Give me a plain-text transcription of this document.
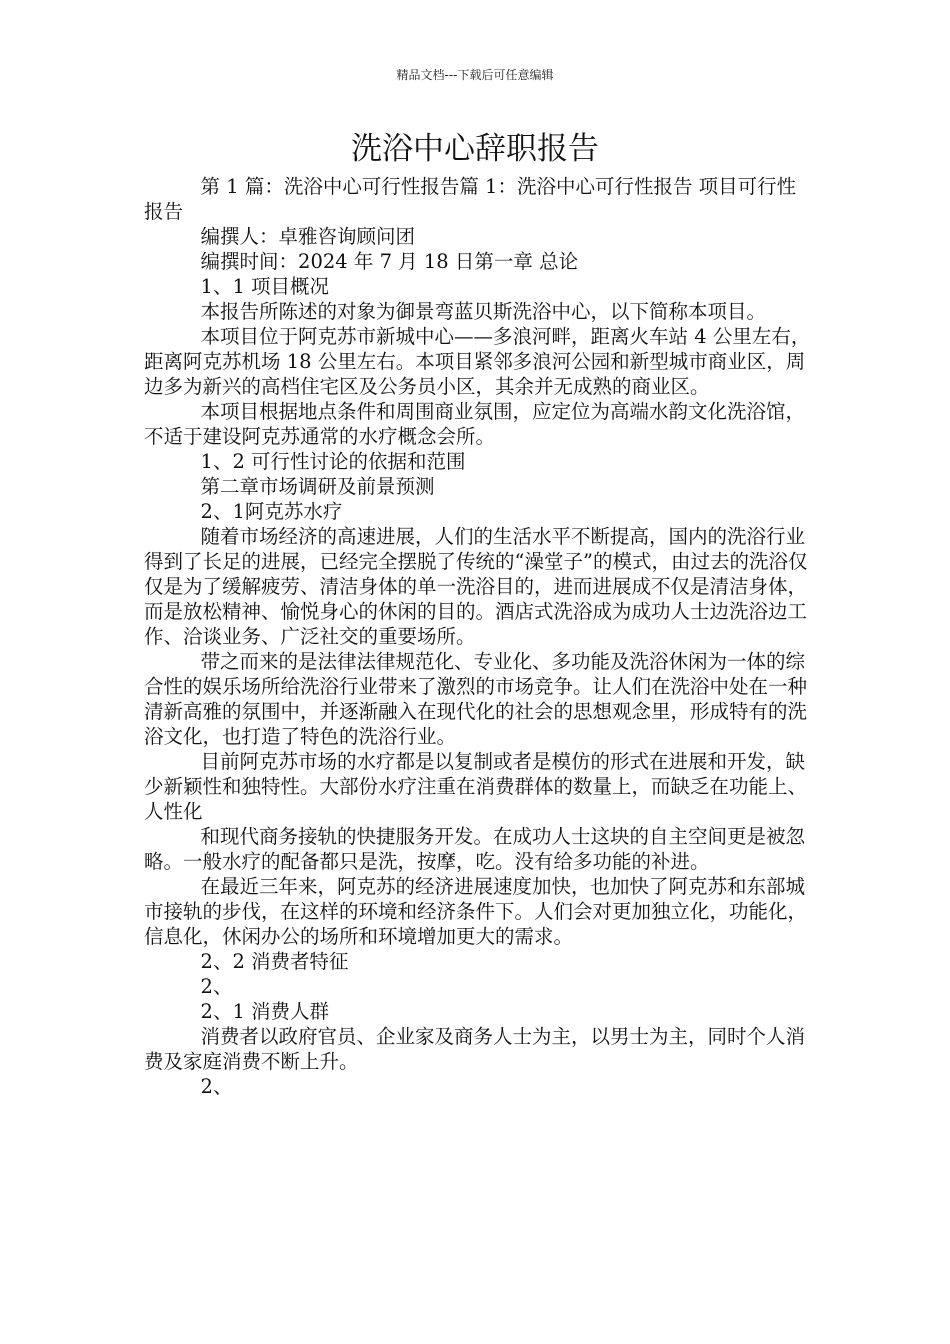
精品文档---下载后可任意编辑
洗浴中心辞职报告

第 1 篇：洗浴中心可行性报告篇 1：洗浴中心可行性报告 项目可行性报告

编撰人：卓雅咨询顾问团

编撰时间：2024 年 7 月 18 日第一章 总论

1、1 项目概况

本报告所陈述的对象为御景弯蓝贝斯洗浴中心，以下简称本项目。

本项目位于阿克苏市新城中心——多浪河畔，距离火车站 4 公里左右，距离阿克苏机场 18 公里左右。本项目紧邻多浪河公园和新型城市商业区，周边多为新兴的高档住宅区及公务员小区，其余并无成熟的商业区。

本项目根据地点条件和周围商业氛围，应定位为高端水韵文化洗浴馆，不适于建设阿克苏通常的水疗概念会所。

1、2 可行性讨论的依据和范围

第二章市场调研及前景预测

2、1阿克苏水疗

随着市场经济的高速进展，人们的生活水平不断提高，国内的洗浴行业得到了长足的进展，已经完全摆脱了传统的“澡堂子”的模式，由过去的洗浴仅仅是为了缓解疲劳、清洁身体的单一洗浴目的，进而进展成不仅是清洁身体，而是放松精神、愉悦身心的休闲的目的。酒店式洗浴成为成功人士边洗浴边工作、洽谈业务、广泛社交的重要场所。

带之而来的是法律法律规范化、专业化、多功能及洗浴休闲为一体的综合性的娱乐场所给洗浴行业带来了激烈的市场竞争。让人们在洗浴中处在一种清新高雅的氛围中，并逐渐融入在现代化的社会的思想观念里，形成特有的洗浴文化，也打造了特色的洗浴行业。

目前阿克苏市场的水疗都是以复制或者是模仿的形式在进展和开发，缺少新颖性和独特性。大部份水疗注重在消费群体的数量上，而缺乏在功能上、人性化

和现代商务接轨的快捷服务开发。在成功人士这块的自主空间更是被忽略。一般水疗的配备都只是洗，按摩，吃。没有给多功能的补进。

在最近三年来，阿克苏的经济进展速度加快，也加快了阿克苏和东部城市接轨的步伐，在这样的环境和经济条件下。人们会对更加独立化，功能化，信息化，休闲办公的场所和环境增加更大的需求。

2、2 消费者特征

2、

2、1 消费人群

消费者以政府官员、企业家及商务人士为主，以男士为主，同时个人消费及家庭消费不断上升。

2、
